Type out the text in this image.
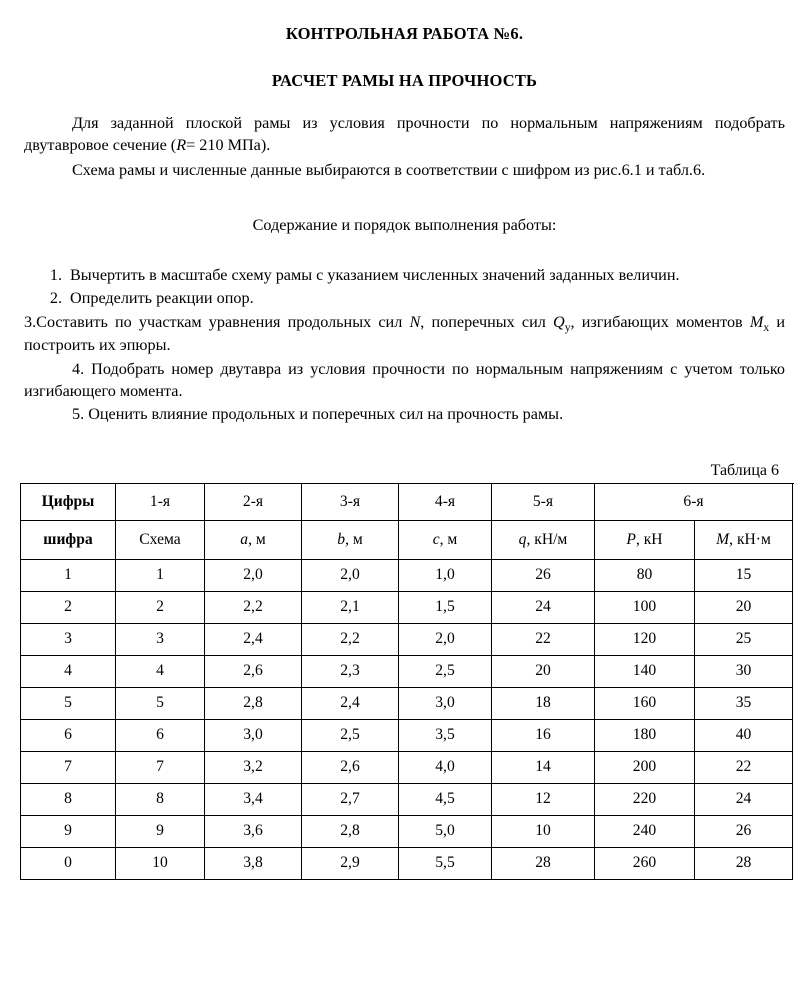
КОНТРОЛЬНАЯ РАБОТА №6.
РАСЧЕТ РАМЫ НА ПРОЧНОСТЬ

Для заданной плоской рамы из условия прочности по нормальным напряжениям подобрать двутавровое сечение (R= 210 МПа).

Схема рамы и численные данные выбираются в соответствии с шифром из рис.6.1 и табл.6.

Содержание и порядок выполнения работы:
1. Вычертить в масштабе схему рамы с указанием численных значений заданных величин.
2. Определить реакции опор.
3.Составить по участкам уравнения продольных сил N, поперечных сил $Q_y$, изгибающих моментов $M_x$ и построить их эпюры.
4. Подобрать номер двутавра из условия прочности по нормальным напряжениям с учетом только изгибающего момента.
5. Оценить влияние продольных и поперечных сил на прочность рамы.
Таблица 6
Цифры	1-я	2-я	3-я	4-я	5-я	6-я	
шифра	Схема	a, м	b, м	c, м	q, кН/м	P, кН	M, кН·м
1	1	2,0	2,0	1,0	26	80	15
2	2	2,2	2,1	1,5	24	100	20
3	3	2,4	2,2	2,0	22	120	25
4	4	2,6	2,3	2,5	20	140	30
5	5	2,8	2,4	3,0	18	160	35
6	6	3,0	2,5	3,5	16	180	40
7	7	3,2	2,6	4,0	14	200	22
8	8	3,4	2,7	4,5	12	220	24
9	9	3,6	2,8	5,0	10	240	26
0	10	3,8	2,9	5,5	28	260	28
